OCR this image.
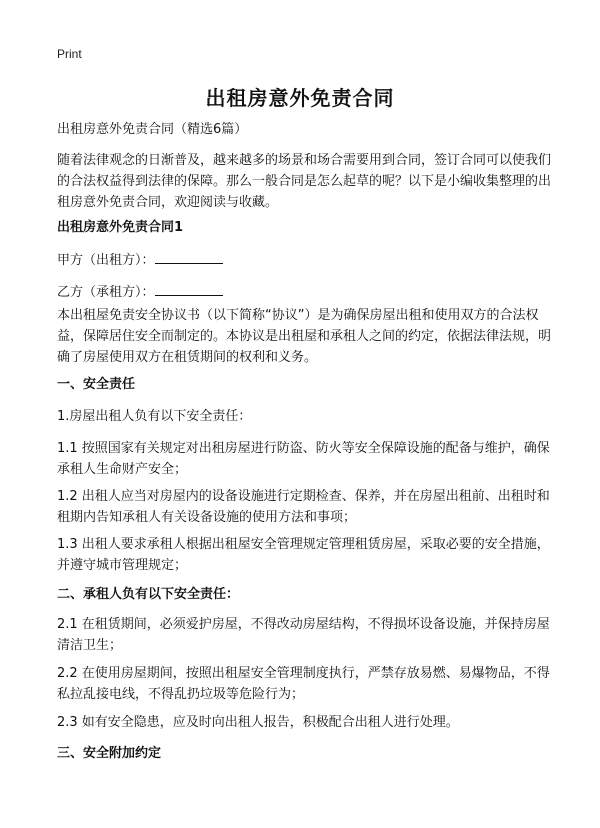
Print
出租房意外免责合同

出租房意外免责合同（精选6篇）

随着法律观念的日渐普及，越来越多的场景和场合需要用到合同，签订合同可以使我们的合法权益得到法律的保障。那么一般合同是怎么起草的呢？以下是小编收集整理的出租房意外免责合同，欢迎阅读与收藏。

出租房意外免责合同1

甲方（出租方）：

乙方（承租方）：

本出租屋免责安全协议书（以下简称“协议”）是为确保房屋出租和使用双方的合法权益，保障居住安全而制定的。本协议是出租屋和承租人之间的约定，依据法律法规，明确了房屋使用双方在租赁期间的权利和义务。

一、安全责任

1.房屋出租人负有以下安全责任：

1.1 按照国家有关规定对出租房屋进行防盗、防火等安全保障设施的配备与维护，确保承租人生命财产安全；

1.2 出租人应当对房屋内的设备设施进行定期检查、保养，并在房屋出租前、出租时和租期内告知承租人有关设备设施的使用方法和事项；

1.3 出租人要求承租人根据出租屋安全管理规定管理租赁房屋，采取必要的安全措施，并遵守城市管理规定；

二、承租人负有以下安全责任：

2.1 在租赁期间，必须爱护房屋，不得改动房屋结构，不得损坏设备设施，并保持房屋清洁卫生；

2.2 在使用房屋期间，按照出租屋安全管理制度执行，严禁存放易燃、易爆物品，不得私拉乱接电线，不得乱扔垃圾等危险行为；

2.3 如有安全隐患，应及时向出租人报告，积极配合出租人进行处理。

三、安全附加约定
